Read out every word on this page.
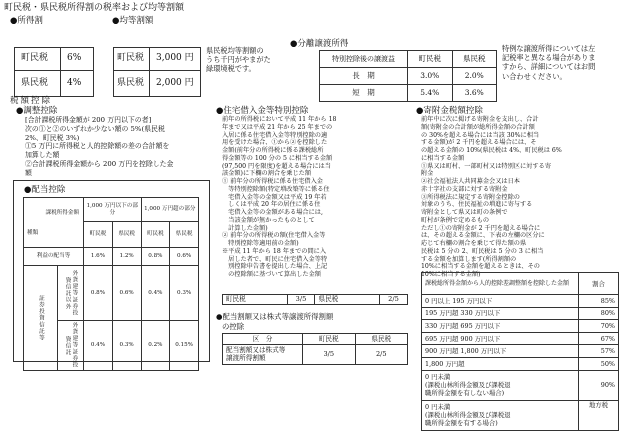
町民税・県民税所得割の税率および均等割額
●所得割
町民税	6%
県民税	4%
●均等割額
町民税	3,000 円
県民税	2,000 円
県民税均等割額の
うち千円がやまがた
緑環境税です。
●分離譲渡所得
特別控除後の譲渡益	町民税	県民税
長　期	3.0%	2.0%
短　期	5.4%	3.6%
特例な譲渡所得については左
記税率と異なる場合がありま
すから、詳細についてはお問
い合わせください。
税額控除
●調整控除
[合計課税所得金額が 200 万円以下の者]
次の①と②のいずれか少ない額の 5%(県民税
2%、町民税 3%)
①5 万円に所得税と人的控除額の差の合計額を
加算した額
②合計課税所得金額から 200 万円を控除した金
額
●配当控除
課税所得金額
種類		1,000 万円以下の部分		1,000 万円超の部分	
		町民税	県民税	町民税	県民税
利益の配当等		1.6%	1.2%	0.8%	0.6%

証券投資信託等	外貨建等証券投資信託以外	0.8%	0.6%	0.4%	0.3%

	外貨建等証券投資信託	0.4%	0.3%	0.2%	0.15%
●住宅借入金等特別控除
前年の所得税において平成 11 年から 18
年まで又は平成 21 年から 25 年までの
入居に係る住宅借入金等特別控除の適
用を受けた場合、①から②を控除した
金額(前年分の所得税に係る課税総所
得金額等の 100 分の 5 に相当する金額
(97,500 円を限度)を超える場合には当
該金額)に下欄の割合を乗じた額
① 前年分の所得税に係る住宅借入金
　等特別控除額(特定増改築等に係る住
　宅借入金等の金額又は平成 19 年若
　しくは平成 20 年の居住に係る住
　宅借入金等の金額がある場合には,
　当該金額が無かったものとして
　計算した金額)
② 前年分の所得税の額(住宅借入金等
　特別控除等適用前の金額)
※平成 11 年から 18 年までの間に入
　居した者で、町民に住宅借入金等特
　別控除申告書を提出した場合、上記
　の控除額に基づいて算出した金額
町民税	3/5	県民税	2/5
●配当割額又は株式等譲渡所得割額
の控除
区　分	町民税	県民税

配当割額又は株式等
譲渡所得割額	3/5	2/5
●寄附金税額控除
前年中に次に掲げる寄附金を支出し、合計
額(寄附金の合計額が総所得金額の合計額
の 30%を超える場合には当該 30%に相当
する金額)が 2 千円を超える場合には、そ
の超える金額の 10%(県民税は 4%、町民税は 6%
に相当する金額
①県又は町村、一部町村又は特別区に対する寄
附金
②社会福祉法人共同募金会又は日本
赤十字社の支部に対する寄附金
③所得税法に規定する寄附金控除の
対象のうち、住民福祉の増進に寄与する
寄附金として県又は町の条例で
町村が条例で定めるもの
ただし①の寄附金が 2 千円を超える場合に
は、その超える金額に、下表の左欄の区分に
応じて右欄の割合を乗じて得た額の県
民税は 5 分の 2、町民税は 5 分の 3 に相当
する金額を加算します(所得割額の
10%に相当する金額を超えるときは、その
10%に相当する金額)
課税総所得金額から人的控除差調整額を控除した金額	割合
0 円以上 195 万円以下	85%
195 万円超 330 万円以下	80%
330 万円超 695 万円以下	70%
695 万円超 900 万円以下	67%
900 万円超 1,800 万円以下	57%
1,800 万円超	50%

0 円未満
(課税山林所得金額及び課税退
職所得金額を有しない場合)	90%

0 円未満
(課税山林所得金額及び課税退
職所得金額を有する場合)	地方税
